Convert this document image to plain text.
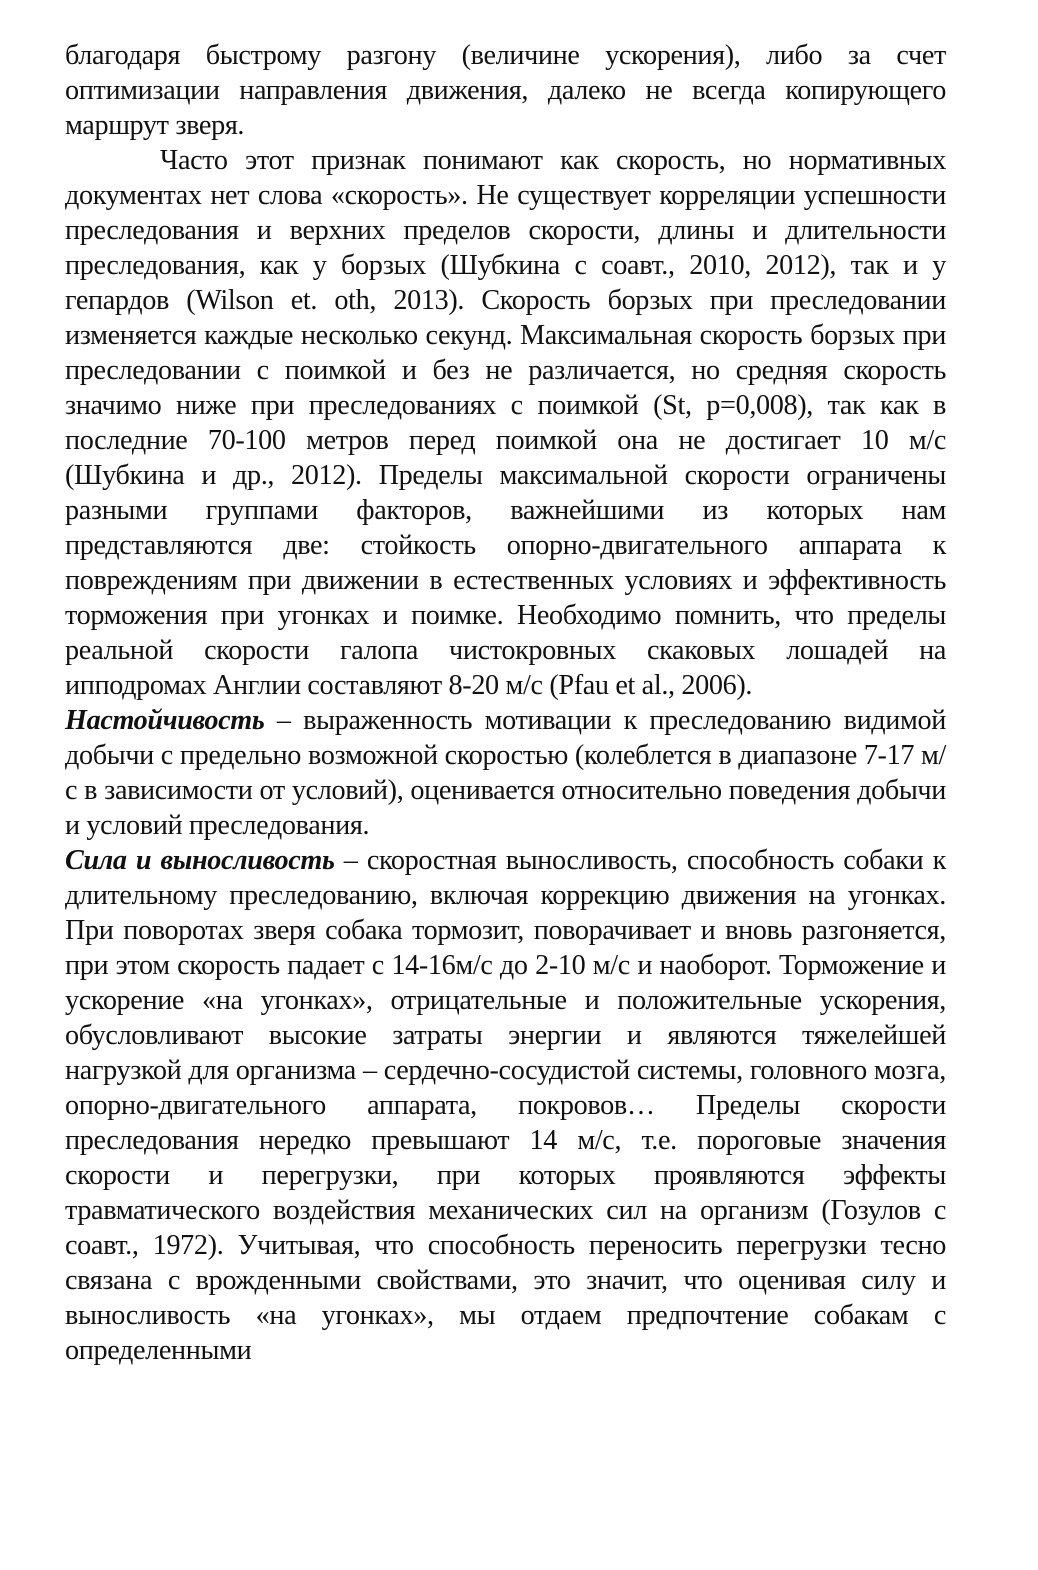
благодаря быстрому разгону (величине ускорения), либо за счет оптимизации направления движения, далеко не всегда копирующего маршрут зверя.

Часто этот признак понимают как скорость, но нормативных документах нет слова «скорость». Не существует корреляции успешности преследования и верхних пределов скорости, длины и длительности преследования, как у борзых (Шубкина с соавт., 2010, 2012), так и у гепардов (Wilson et. oth, 2013). Скорость борзых при преследовании изменяется каждые несколько секунд. Максимальная скорость борзых при преследовании с поимкой и без не различается, но средняя скорость значимо ниже при преследованиях с поимкой (St, p=0,008), так как в последние 70-100 метров перед поимкой она не достигает 10 м/с (Шубкина и др., 2012). Пределы максимальной скорости ограничены разными группами факторов, важнейшими из которых нам представляются две: стойкость опорно-двигательного аппарата к повреждениям при движении в естественных условиях и эффективность торможения при угонках и поимке. Необходимо помнить, что пределы реальной скорости галопа чистокровных скаковых лошадей на ипподромах Англии составляют 8-20 м/с (Pfau et al., 2006).

Настойчивость – выраженность мотивации к преследованию видимой добычи с предельно возможной скоростью (колеблется в диапазоне 7-17 м/с в зависимости от условий), оценивается относительно поведения добычи и условий преследования.

Сила и выносливость – скоростная выносливость, способность собаки к длительному преследованию, включая коррекцию движения на угонках. При поворотах зверя собака тормозит, поворачивает и вновь разгоняется, при этом скорость падает с 14-16м/с до 2-10 м/с и наоборот. Торможение и ускорение «на угонках», отрицательные и положительные ускорения, обусловливают высокие затраты энергии и являются тяжелейшей нагрузкой для организма – сердечно-сосудистой системы, головного мозга, опорно-двигательного аппарата, покровов… Пределы скорости преследования нередко превышают 14 м/с, т.е. пороговые значения скорости и перегрузки, при которых проявляются эффекты травматического воздействия механических сил на организм (Гозулов с соавт., 1972). Учитывая, что способность переносить перегрузки тесно связана с врожденными свойствами, это значит, что оценивая силу и выносливость «на угонках», мы отдаем предпочтение собакам с определенными
